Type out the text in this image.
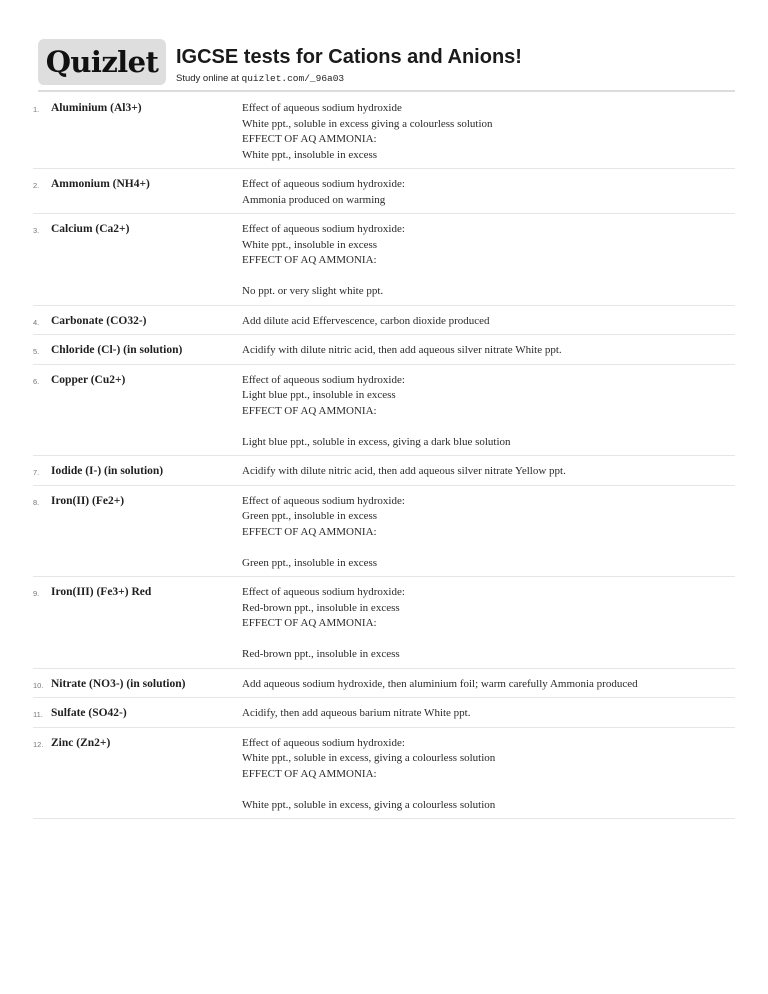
Quizlet IGCSE tests for Cations and Anions!
Study online at quizlet.com/_96a03
1.	Aluminium (Al3+)	Effect of aqueous sodium hydroxide
White ppt., soluble in excess giving a colourless solution
EFFECT OF AQ AMMONIA:
White ppt., insoluble in excess
2.	Ammonium (NH4+)	Effect of aqueous sodium hydroxide:
Ammonia produced on warming
3.	Calcium (Ca2+)	Effect of aqueous sodium hydroxide:
White ppt., insoluble in excess
EFFECT OF AQ AMMONIA:
No ppt. or very slight white ppt.
4.	Carbonate (CO32-)	Add dilute acid Effervescence, carbon dioxide produced
5.	Chloride (Cl-) (in solution)	Acidify with dilute nitric acid, then add aqueous silver nitrate White ppt.
6.	Copper (Cu2+)	Effect of aqueous sodium hydroxide:
Light blue ppt., insoluble in excess
EFFECT OF AQ AMMONIA:
Light blue ppt., soluble in excess, giving a dark blue solution
7.	Iodide (I-) (in solution)	Acidify with dilute nitric acid, then add aqueous silver nitrate Yellow ppt.
8.	Iron(II) (Fe2+)	Effect of aqueous sodium hydroxide:
Green ppt., insoluble in excess
EFFECT OF AQ AMMONIA:
Green ppt., insoluble in excess
9.	Iron(III) (Fe3+) Red	Effect of aqueous sodium hydroxide:
Red-brown ppt., insoluble in excess
EFFECT OF AQ AMMONIA:
Red-brown ppt., insoluble in excess
10. Nitrate (NO3-) (in solution)	Add aqueous sodium hydroxide, then aluminium foil; warm carefully Ammonia produced
11. Sulfate (SO42-)	Acidify, then add aqueous barium nitrate White ppt.
12. Zinc (Zn2+)	Effect of aqueous sodium hydroxide:
White ppt., soluble in excess, giving a colourless solution
EFFECT OF AQ AMMONIA:
White ppt., soluble in excess, giving a colourless solution
